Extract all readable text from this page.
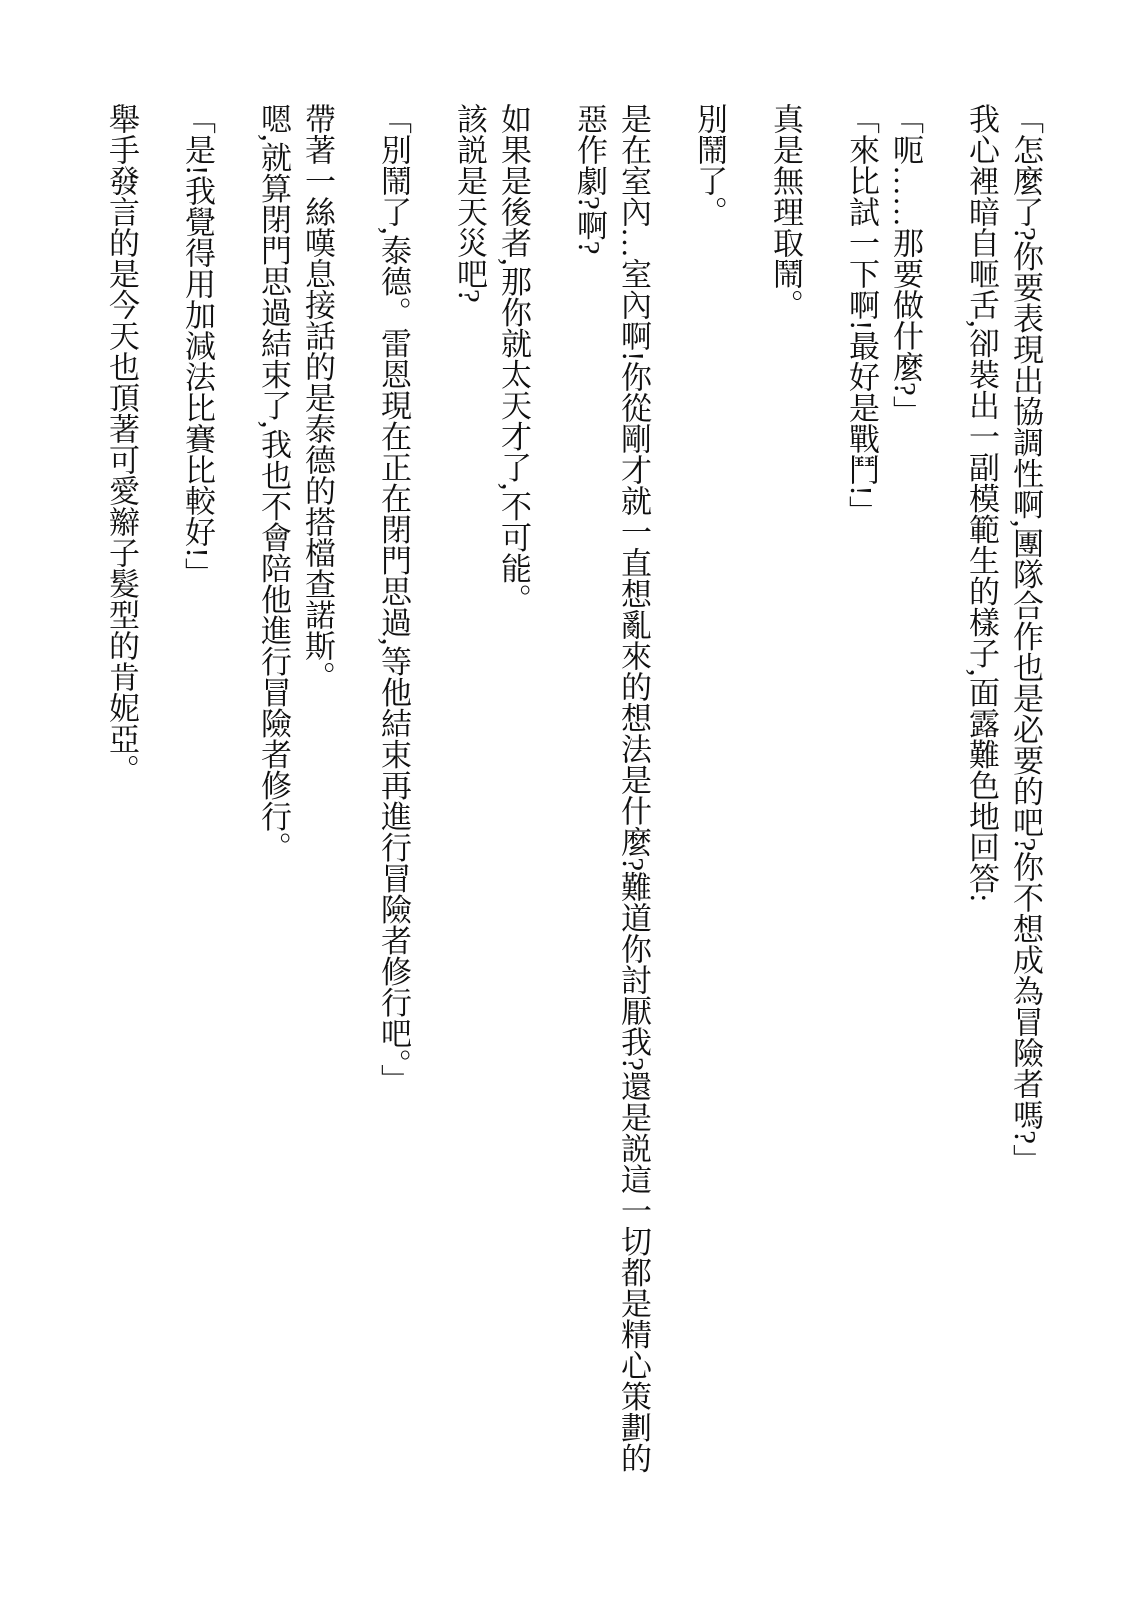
「怎麼了?你要表現出協調性啊,團隊合作也是必要的吧?你不想成為冒險者嗎?」

我心裡暗自咂舌,卻裝出一副模範生的樣子,面露難色地回答:

「呃……那要做什麼?」

「來比試一下啊!最好是戰鬥!」

真是無理取鬧。

別鬧了。

是在室內…室內啊!你從剛才就一直想亂來的想法是什麼?難道你討厭我?還是説這一切都是精心策劃的惡作劇?啊?

如果是後者,那你就太天才了,不可能。

該説是天災吧?

「別鬧了,泰德。雷恩現在正在閉門思過,等他結束再進行冒險者修行吧。」

帶著一絲嘆息接話的是泰德的搭檔查諾斯。

嗯,就算閉門思過結束了,我也不會陪他進行冒險者修行。

「是!我覺得用加減法比賽比較好!」

舉手發言的是今天也頂著可愛辮子髮型的肯妮亞。
